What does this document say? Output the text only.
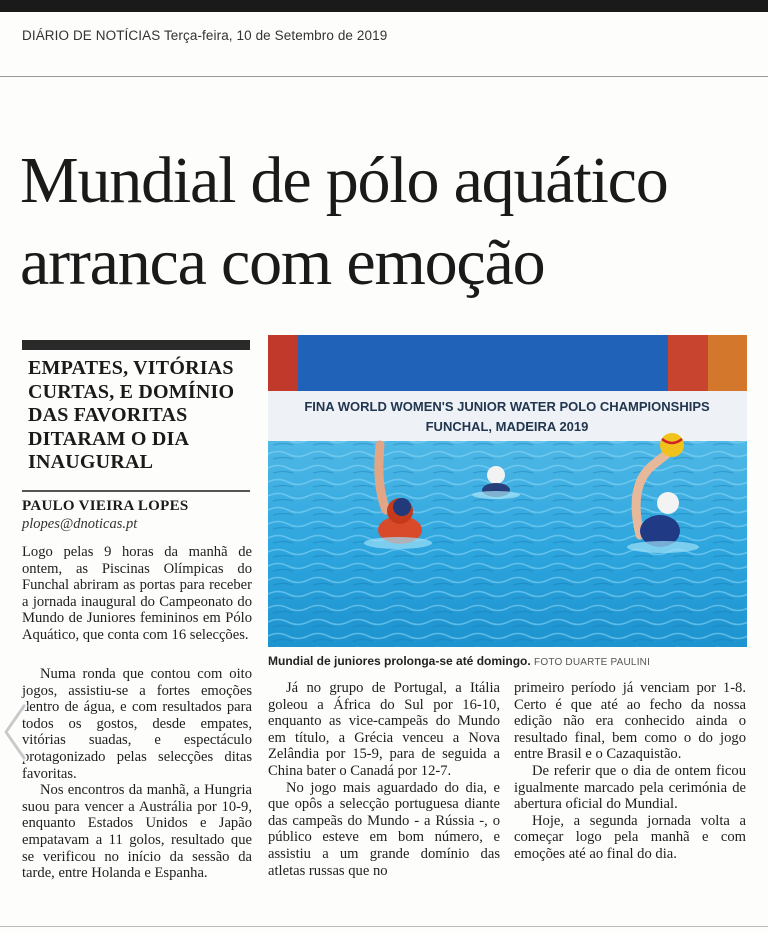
DIÁRIO DE NOTÍCIAS Terça-feira, 10 de Setembro de 2019
Mundial de pólo aquático
arranca com emoção
EMPATES, VITÓRIAS CURTAS, E DOMÍNIO DAS FAVORITAS DITARAM O DIA INAUGURAL
PAULO VIEIRA LOPES
plopes@dnoticas.pt
FINA WORLD WOMEN'S JUNIOR WATER POLO CHAMPIONSHIPS
FUNCHAL, MADEIRA 2019
Mundial de juniores prolonga-se até domingo. FOTO DUARTE PAULINI

Logo pelas 9 horas da manhã de ontem, as Piscinas Olímpicas do Funchal abriram as portas para receber a jornada inaugural do Campeonato do Mundo de Juniores femininos em Pólo Aquático, que conta com 16 selecções.

Numa ronda que contou com oito jogos, assistiu-se a fortes emoções dentro de água, e com resultados para todos os gostos, desde empates, vitórias suadas, e espectáculo protagonizado pelas selecções ditas favoritas.

Nos encontros da manhã, a Hungria suou para vencer a Austrália por 10-9, enquanto Estados Unidos e Japão empatavam a 11 golos, resultado que se verificou no início da sessão da tarde, entre Holanda e Espanha.

Já no grupo de Portugal, a Itália goleou a África do Sul por 16-10, enquanto as vice-campeãs do Mundo em título, a Grécia venceu a Nova Zelândia por 15-9, para de seguida a China bater o Canadá por 12-7.

No jogo mais aguardado do dia, e que opôs a selecção portuguesa diante das campeãs do Mundo - a Rússia -, o público esteve em bom número, e assistiu a um grande domínio das atletas russas que no

primeiro período já venciam por 1-8. Certo é que até ao fecho da nossa edição não era conhecido ainda o resultado final, bem como o do jogo entre Brasil e o Cazaquistão.

De referir que o dia de ontem ficou igualmente marcado pela cerimónia de abertura oficial do Mundial.

Hoje, a segunda jornada volta a começar logo pela manhã e com emoções até ao final do dia.
